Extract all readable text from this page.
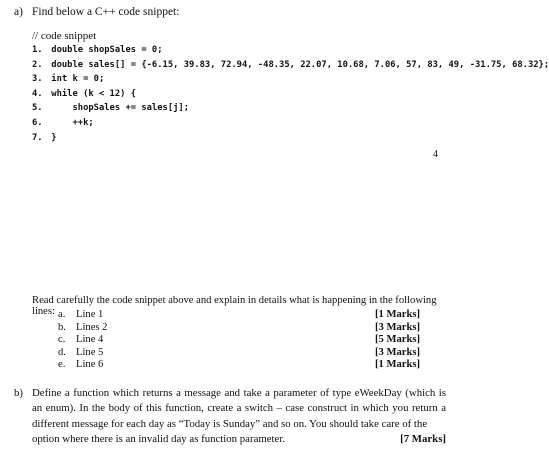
a) Find below a C++ code snippet:
// code snippet
1. double shopSales = 0;
2. double sales[] = {-6.15, 39.83, 72.94, -48.35, 22.07, 10.68, 7.06, 57, 83, 49, -31.75, 68.32};
3. int k = 0;
4. while (k < 12) {
5.     shopSales += sales[j];
6.     ++k;
7. }
4
Read carefully the code snippet above and explain in details what is happening in the following lines: a. Line 1	[1 Marks]
b. Lines 2	[3 Marks]
c. Line 4	[5 Marks]
d. Line 5	[3 Marks]
e. Line 6	[1 Marks]
b) Define a function which returns a message and take a parameter of type eWeekDay (which is an enum). In the body of this function, create a switch – case construct in which you return a different message for each day as “Today is Sunday” and so on. You should take care of the
option where there is an invalid day as function parameter.	[7 Marks]
